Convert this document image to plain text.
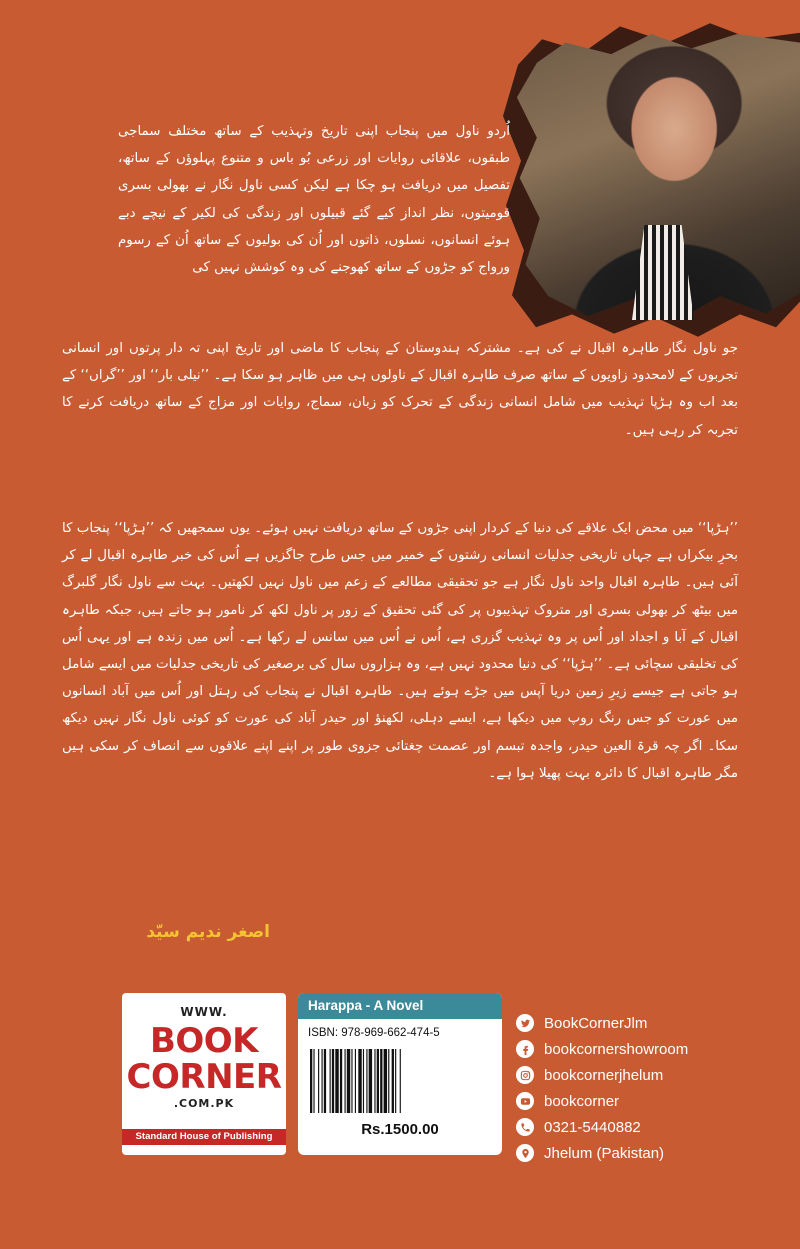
اُردو ناول میں پنجاب اپنی تاریخ وتہذیب کے ساتھ مختلف سماجی طبقوں، علاقائی روایات اور زرعی بُو باس و متنوع پہلوؤں کے ساتھ، تفصیل میں دریافت ہو چکا ہے لیکن کسی ناول نگار نے بھولی بسری قومیتوں، نظر انداز کیے گئے قبیلوں اور زندگی کی لکیر کے نیچے دبے ہوئے انسانوں، نسلوں، ذاتوں اور اُن کی بولیوں کے ساتھ اُن کے رسوم ورواج کو جڑوں کے ساتھ کھوجنے کی وہ کوشش نہیں کی

جو ناول نگار طاہرہ اقبال نے کی ہے۔ مشترکہ ہندوستان کے پنجاب کا ماضی اور تاریخ اپنی تہ دار پرتوں اور انسانی تجربوں کے لامحدود زاویوں کے ساتھ صرف طاہرہ اقبال کے ناولوں ہی میں ظاہر ہو سکا ہے۔ ’’نیلی بار‘‘ اور ’’گراں‘‘ کے بعد اب وہ ہڑپا تہذیب میں شامل انسانی زندگی کے تحرک کو زبان، سماج، روایات اور مزاج کے ساتھ دریافت کرنے کا تجربہ کر رہی ہیں۔

’’ہڑپا‘‘ میں محض ایک علاقے کی دنیا کے کردار اپنی جڑوں کے ساتھ دریافت نہیں ہوئے۔ یوں سمجھیں کہ ’’ہڑپا‘‘ پنجاب کا بحرِ بیکراں ہے جہاں تاریخی جدلیات انسانی رشتوں کے خمیر میں جس طرح جاگزیں ہے اُس کی خبر طاہرہ اقبال لے کر آئی ہیں۔ طاہرہ اقبال واحد ناول نگار ہے جو تحقیقی مطالعے کے زعم میں ناول نہیں لکھتیں۔ بہت سے ناول نگار گلبرگ میں بیٹھ کر بھولی بسری اور متروک تہذیبوں پر کی گئی تحقیق کے زور پر ناول لکھ کر نامور ہو جاتے ہیں، جبکہ طاہرہ اقبال کے آبا و اجداد اور اُس پر وہ تہذیب گزری ہے، اُس نے اُس میں سانس لے رکھا ہے۔ اُس میں زندہ ہے اور یہی اُس کی تخلیقی سچائی ہے۔ ’’ہڑپا‘‘ کی دنیا محدود نہیں ہے، وہ ہزاروں سال کی برصغیر کی تاریخی جدلیات میں ایسے شامل ہو جاتی ہے جیسے زیرِ زمین دریا آپس میں جڑے ہوئے ہیں۔ طاہرہ اقبال نے پنجاب کی رہتل اور اُس میں آباد انسانوں میں عورت کو جس رنگ روپ میں دیکھا ہے، ایسے دہلی، لکھنؤ اور حیدر آباد کی عورت کو کوئی ناول نگار نہیں دیکھ سکا۔ اگر چہ قرۃ العین حیدر، واجدہ تبسم اور عصمت چغتائی جزوی طور پر اپنے اپنے علاقوں سے انصاف کر سکی ہیں مگر طاہرہ اقبال کا دائرہ بہت پھیلا ہوا ہے۔

اصغر ندیم سیّد
WWW.
BOOK
CORNER
.COM.PK
Standard House of Publishing
Harappa - A Novel
ISBN: 978-969-662-474-5
Rs.1500.00
BookCornerJlm
bookcornershowroom
bookcornerjhelum
bookcorner
0321-5440882
Jhelum (Pakistan)
